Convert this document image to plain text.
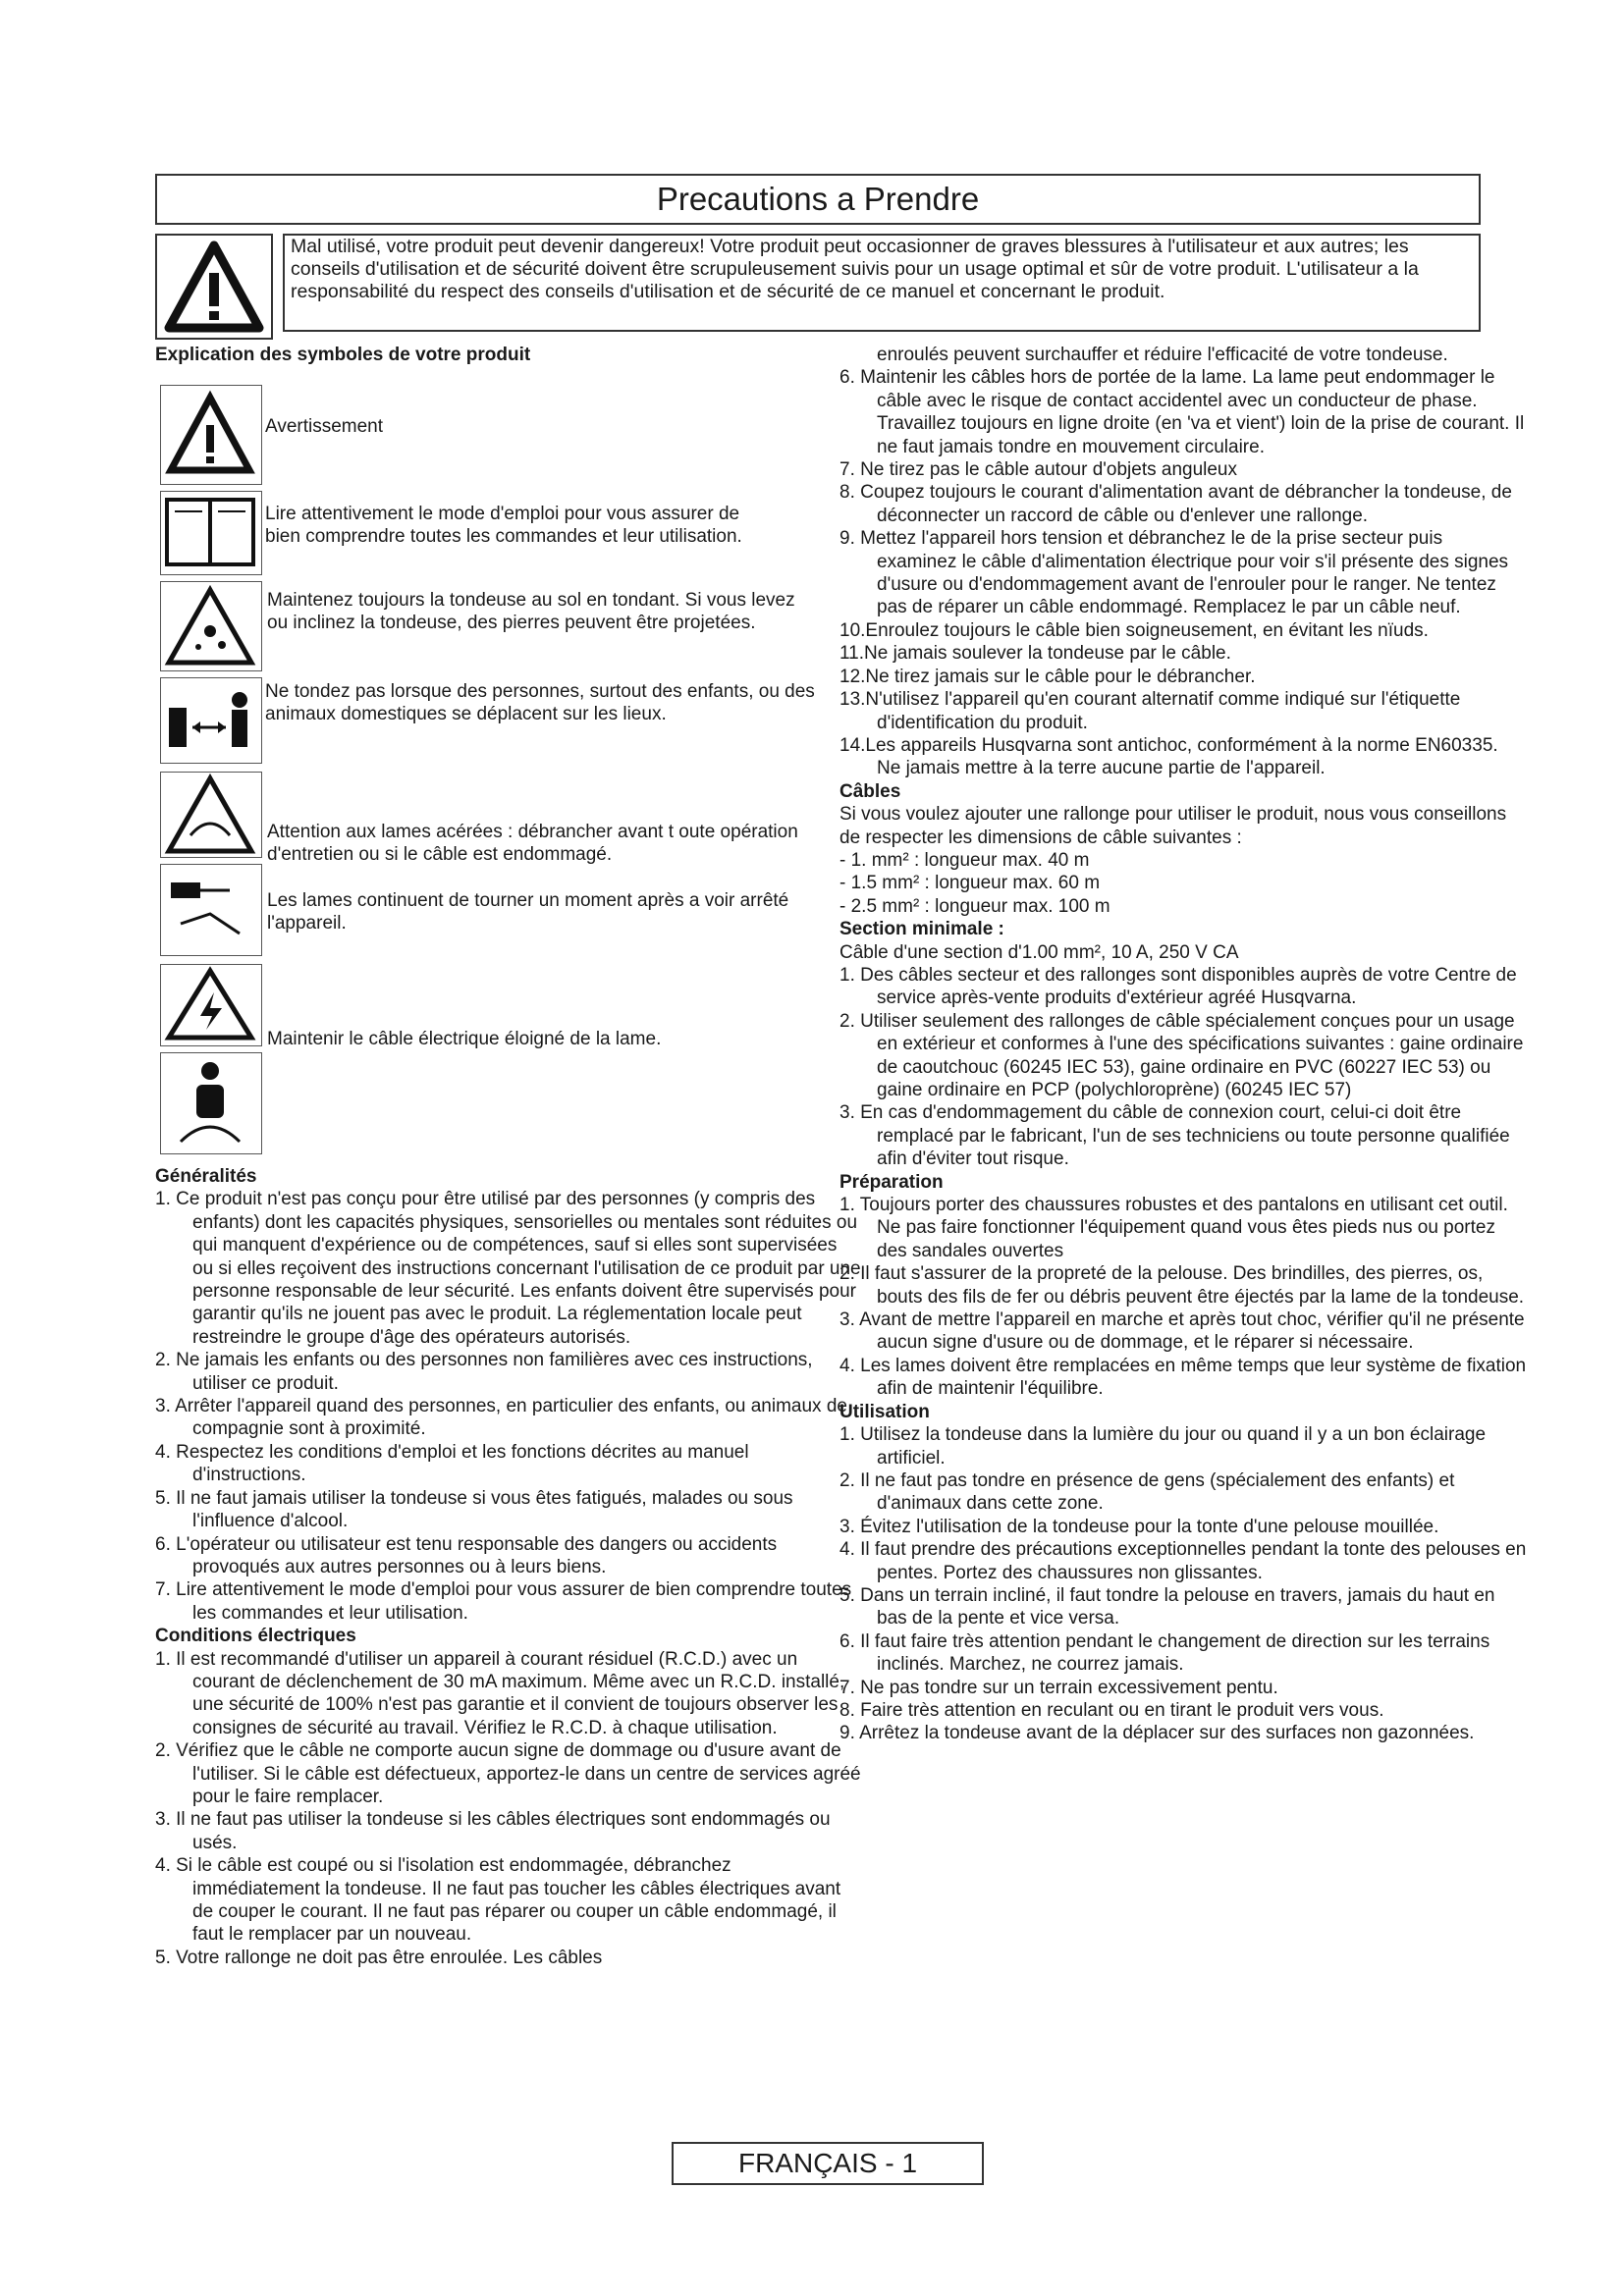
Precautions a Prendre
Mal utilisé, votre produit peut devenir dangereux! Votre produit peut occasionner de graves blessures à l'utilisateur et aux autres; les conseils d'utilisation et de sécurité doivent être scrupuleusement suivis pour un usage optimal et sûr de votre produit. L'utilisateur a la responsabilité du respect des conseils d'utilisation et de sécurité de ce manuel et concernant le produit.

Explication des symboles de votre produit

Avertissement
Lire attentivement le mode d'emploi pour vous assurer de bien comprendre toutes les commandes et leur utilisation.
Maintenez toujours la tondeuse au sol en tondant. Si vous levez ou inclinez la tondeuse, des pierres peuvent être projetées.
Ne tondez pas lorsque des personnes, surtout des enfants, ou des animaux domestiques se déplacent sur les lieux.
Attention aux lames acérées : débrancher avant t oute opération d'entretien ou si le câble est endommagé.
Les lames continuent de tourner un moment après a voir arrêté l'appareil.
Maintenir le câble électrique éloigné de la lame.

Généralités

1. Ce produit n'est pas conçu pour être utilisé par des personnes (y compris des enfants) dont les capacités physiques, sensorielles ou mentales sont réduites ou qui manquent d'expérience ou de compétences, sauf si elles sont supervisées ou si elles reçoivent des instructions concernant l'utilisation de ce produit par une personne responsable de leur sécurité. Les enfants doivent être supervisés pour garantir qu'ils ne jouent pas avec le produit. La réglementation locale peut restreindre le groupe d'âge des opérateurs autorisés.

2. Ne jamais les enfants ou des personnes non familières avec ces instructions, utiliser ce produit.

3. Arrêter l'appareil quand des personnes, en particulier des enfants, ou animaux de compagnie sont à proximité.

4. Respectez les conditions d'emploi et les fonctions décrites au manuel d'instructions.

5. Il ne faut jamais utiliser la tondeuse si vous êtes fatigués, malades ou sous l'influence d'alcool.

6. L'opérateur ou utilisateur est tenu responsable des dangers ou accidents provoqués aux autres personnes ou à leurs biens.

7. Lire attentivement le mode d'emploi pour vous assurer de bien comprendre toutes les commandes et leur utilisation.

Conditions électriques

1. Il est recommandé d'utiliser un appareil à courant résiduel (R.C.D.) avec un courant de déclenchement de 30 mA maximum. Même avec un R.C.D. installé, une sécurité de 100% n'est pas garantie et il convient de toujours observer les consignes de sécurité au travail. Vérifiez le R.C.D. à chaque utilisation.

2. Vérifiez que le câble ne comporte aucun signe de dommage ou d'usure avant de l'utiliser. Si le câble est défectueux, apportez-le dans un centre de services agréé pour le faire remplacer.

3. Il ne faut pas utiliser la tondeuse si les câbles électriques sont endommagés ou usés.

4. Si le câble est coupé ou si l'isolation est endommagée, débranchez immédiatement la tondeuse. Il ne faut pas toucher les câbles électriques avant de couper le courant. Il ne faut pas réparer ou couper un câble endommagé, il faut le remplacer par un nouveau.

5. Votre rallonge ne doit pas être enroulée. Les câbles

enroulés peuvent surchauffer et réduire l'efficacité de votre tondeuse.

6. Maintenir les câbles hors de portée de la lame. La lame peut endommager le câble avec le risque de contact accidentel avec un conducteur de phase. Travaillez toujours en ligne droite (en 'va et vient') loin de la prise de courant. Il ne faut jamais tondre en mouvement circulaire.

7. Ne tirez pas le câble autour d'objets anguleux

8. Coupez toujours le courant d'alimentation avant de débrancher la tondeuse, de déconnecter un raccord de câble ou d'enlever une rallonge.

9. Mettez l'appareil hors tension et débranchez le de la prise secteur puis examinez le câble d'alimentation électrique pour voir s'il présente des signes d'usure ou d'endommagement avant de l'enrouler pour le ranger. Ne tentez pas de réparer un câble endommagé. Remplacez le par un câble neuf.

10.Enroulez toujours le câble bien soigneusement, en évitant les nïuds.

11.Ne jamais soulever la tondeuse par le câble.

12.Ne tirez jamais sur le câble pour le débrancher.

13.N'utilisez l'appareil qu'en courant alternatif comme indiqué sur l'étiquette d'identification du produit.

14.Les appareils Husqvarna sont antichoc, conformément à la norme EN60335. Ne jamais mettre à la terre aucune partie de l'appareil.

Câbles

Si vous voulez ajouter une rallonge pour utiliser le produit, nous vous conseillons de respecter les dimensions de câble suivantes :

- 1. mm² : longueur max. 40 m

- 1.5 mm² : longueur max. 60 m

- 2.5 mm² : longueur max. 100 m

Section minimale :

Câble d'une section d'1.00 mm², 10 A, 250 V CA

1. Des câbles secteur et des rallonges sont disponibles auprès de votre Centre de service après-vente produits d'extérieur agréé Husqvarna.

2. Utiliser seulement des rallonges de câble spécialement conçues pour un usage en extérieur et conformes à l'une des spécifications suivantes : gaine ordinaire de caoutchouc (60245 IEC 53), gaine ordinaire en PVC (60227 IEC 53) ou gaine ordinaire en PCP (polychloroprène) (60245 IEC 57)

3. En cas d'endommagement du câble de connexion court, celui-ci doit être remplacé par le fabricant, l'un de ses techniciens ou toute personne qualifiée afin d'éviter tout risque.

Préparation

1. Toujours porter des chaussures robustes et des pantalons en utilisant cet outil. Ne pas faire fonctionner l'équipement quand vous êtes pieds nus ou portez des sandales ouvertes

2. Il faut s'assurer de la propreté de la pelouse. Des brindilles, des pierres, os, bouts des fils de fer ou débris peuvent être éjectés par la lame de la tondeuse.

3. Avant de mettre l'appareil en marche et après tout choc, vérifier qu'il ne présente aucun signe d'usure ou de dommage, et le réparer si nécessaire.

4. Les lames doivent être remplacées en même temps que leur système de fixation afin de maintenir l'équilibre.

Utilisation

1. Utilisez la tondeuse dans la lumière du jour ou quand il y a un bon éclairage artificiel.

2. Il ne faut pas tondre en présence de gens (spécialement des enfants) et d'animaux dans cette zone.

3. Évitez l'utilisation de la tondeuse pour la tonte d'une pelouse mouillée.

4. Il faut prendre des précautions exceptionnelles pendant la tonte des pelouses en pentes. Portez des chaussures non glissantes.

5. Dans un terrain incliné, il faut tondre la pelouse en travers, jamais du haut en bas de la pente et vice versa.

6. Il faut faire très attention pendant le changement de direction sur les terrains inclinés. Marchez, ne courrez jamais.

7. Ne pas tondre sur un terrain excessivement pentu.

8. Faire très attention en reculant ou en tirant le produit vers vous.

9. Arrêtez la tondeuse avant de la déplacer sur des surfaces non gazonnées.

FRANÇAIS - 1
